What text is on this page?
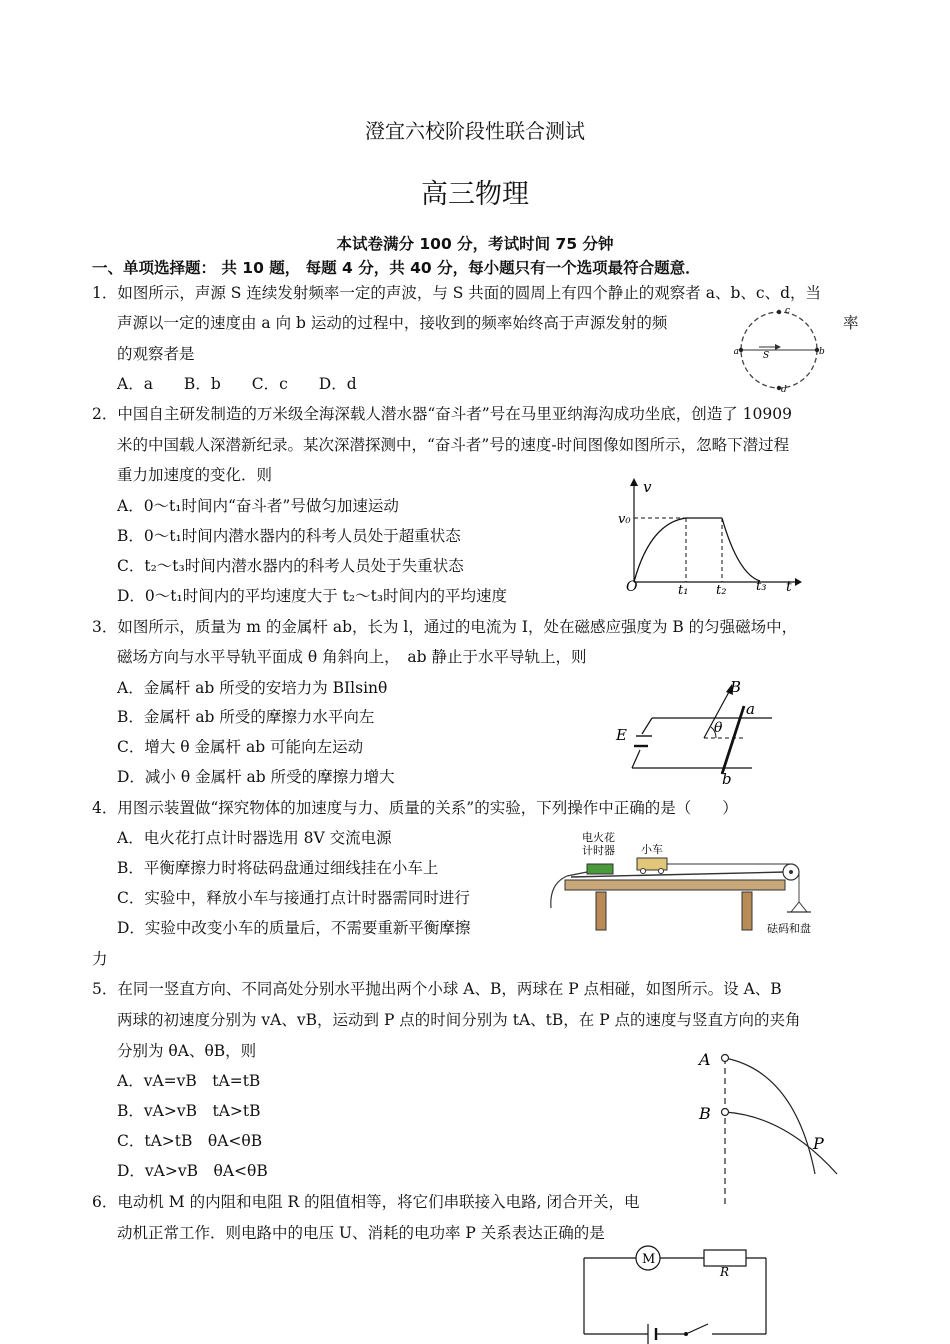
澄宜六校阶段性联合测试
高三物理
本试卷满分 100 分，考试时间 75 分钟
一、单项选择题： 共 10 题， 每题 4 分，共 40 分，每小题只有一个选项最符合题意．
1．如图所示，声源 S 连续发射频率一定的声波，与 S 共面的圆周上有四个静止的观察者 a、b、c、d，当
声源以一定的速度由 a 向 b 运动的过程中，接收到的频率始终高于声源发射的频	率
的观察者是
A．a　　B．b　　C．c　　D．d
a	b
c
d
S
2．中国自主研发制造的万米级全海深载人潜水器“奋斗者”号在马里亚纳海沟成功坐底，创造了 10909
米的中国载人深潜新纪录。某次深潜探测中，“奋斗者”号的速度-时间图像如图所示，忽略下潜过程
重力加速度的变化．则
A．0～t₁时间内“奋斗者”号做匀加速运动
B．0～t₁时间内潜水器内的科考人员处于超重状态
C．t₂～t₃时间内潜水器内的科考人员处于失重状态
D．0～t₁时间内的平均速度大于 t₂～t₃时间内的平均速度
v
v₀
O	t₁ t₂ t₃ t
3．如图所示，质量为 m 的金属杆 ab，长为 l，通过的电流为 I，处在磁感应强度为 B 的匀强磁场中，
磁场方向与水平导轨平面成 θ 角斜向上，　ab 静止于水平导轨上，则
A．金属杆 ab 所受的安培力为 BIlsinθ
B．金属杆 ab 所受的摩擦力水平向左
C．增大 θ 金属杆 ab 可能向左运动
D．减小 θ 金属杆 ab 所受的摩擦力增大
B
a
b
E	θ
4．用图示装置做“探究物体的加速度与力、质量的关系”的实验，下列操作中正确的是（　　）
A．电火花打点计时器选用 8V 交流电源
B．平衡摩擦力时将砝码盘通过细线挂在小车上
C．实验中，释放小车与接通打点计时器需同时进行
D．实验中改变小车的质量后，不需要重新平衡摩擦
力
电火花
计时器 小车
砝码和盘
5．在同一竖直方向、不同高处分别水平抛出两个小球 A、B，两球在 P 点相碰，如图所示。设 A、B
两球的初速度分别为 vA、vB，运动到 P 点的时间分别为 tA、tB，在 P 点的速度与竖直方向的夹角
分别为 θA、θB，则
A．vA=vB　tA=tB
B．vA>vB　tA>tB
C．tA>tB　θA<θB
D．vA>vB　θA<θB
A
B
P
6．电动机 M 的内阻和电阻 R 的阻值相等，将它们串联接入电路, 闭合开关，电
动机正常工作．则电路中的电压 U、消耗的电功率 P 关系表达正确的是
M
R
